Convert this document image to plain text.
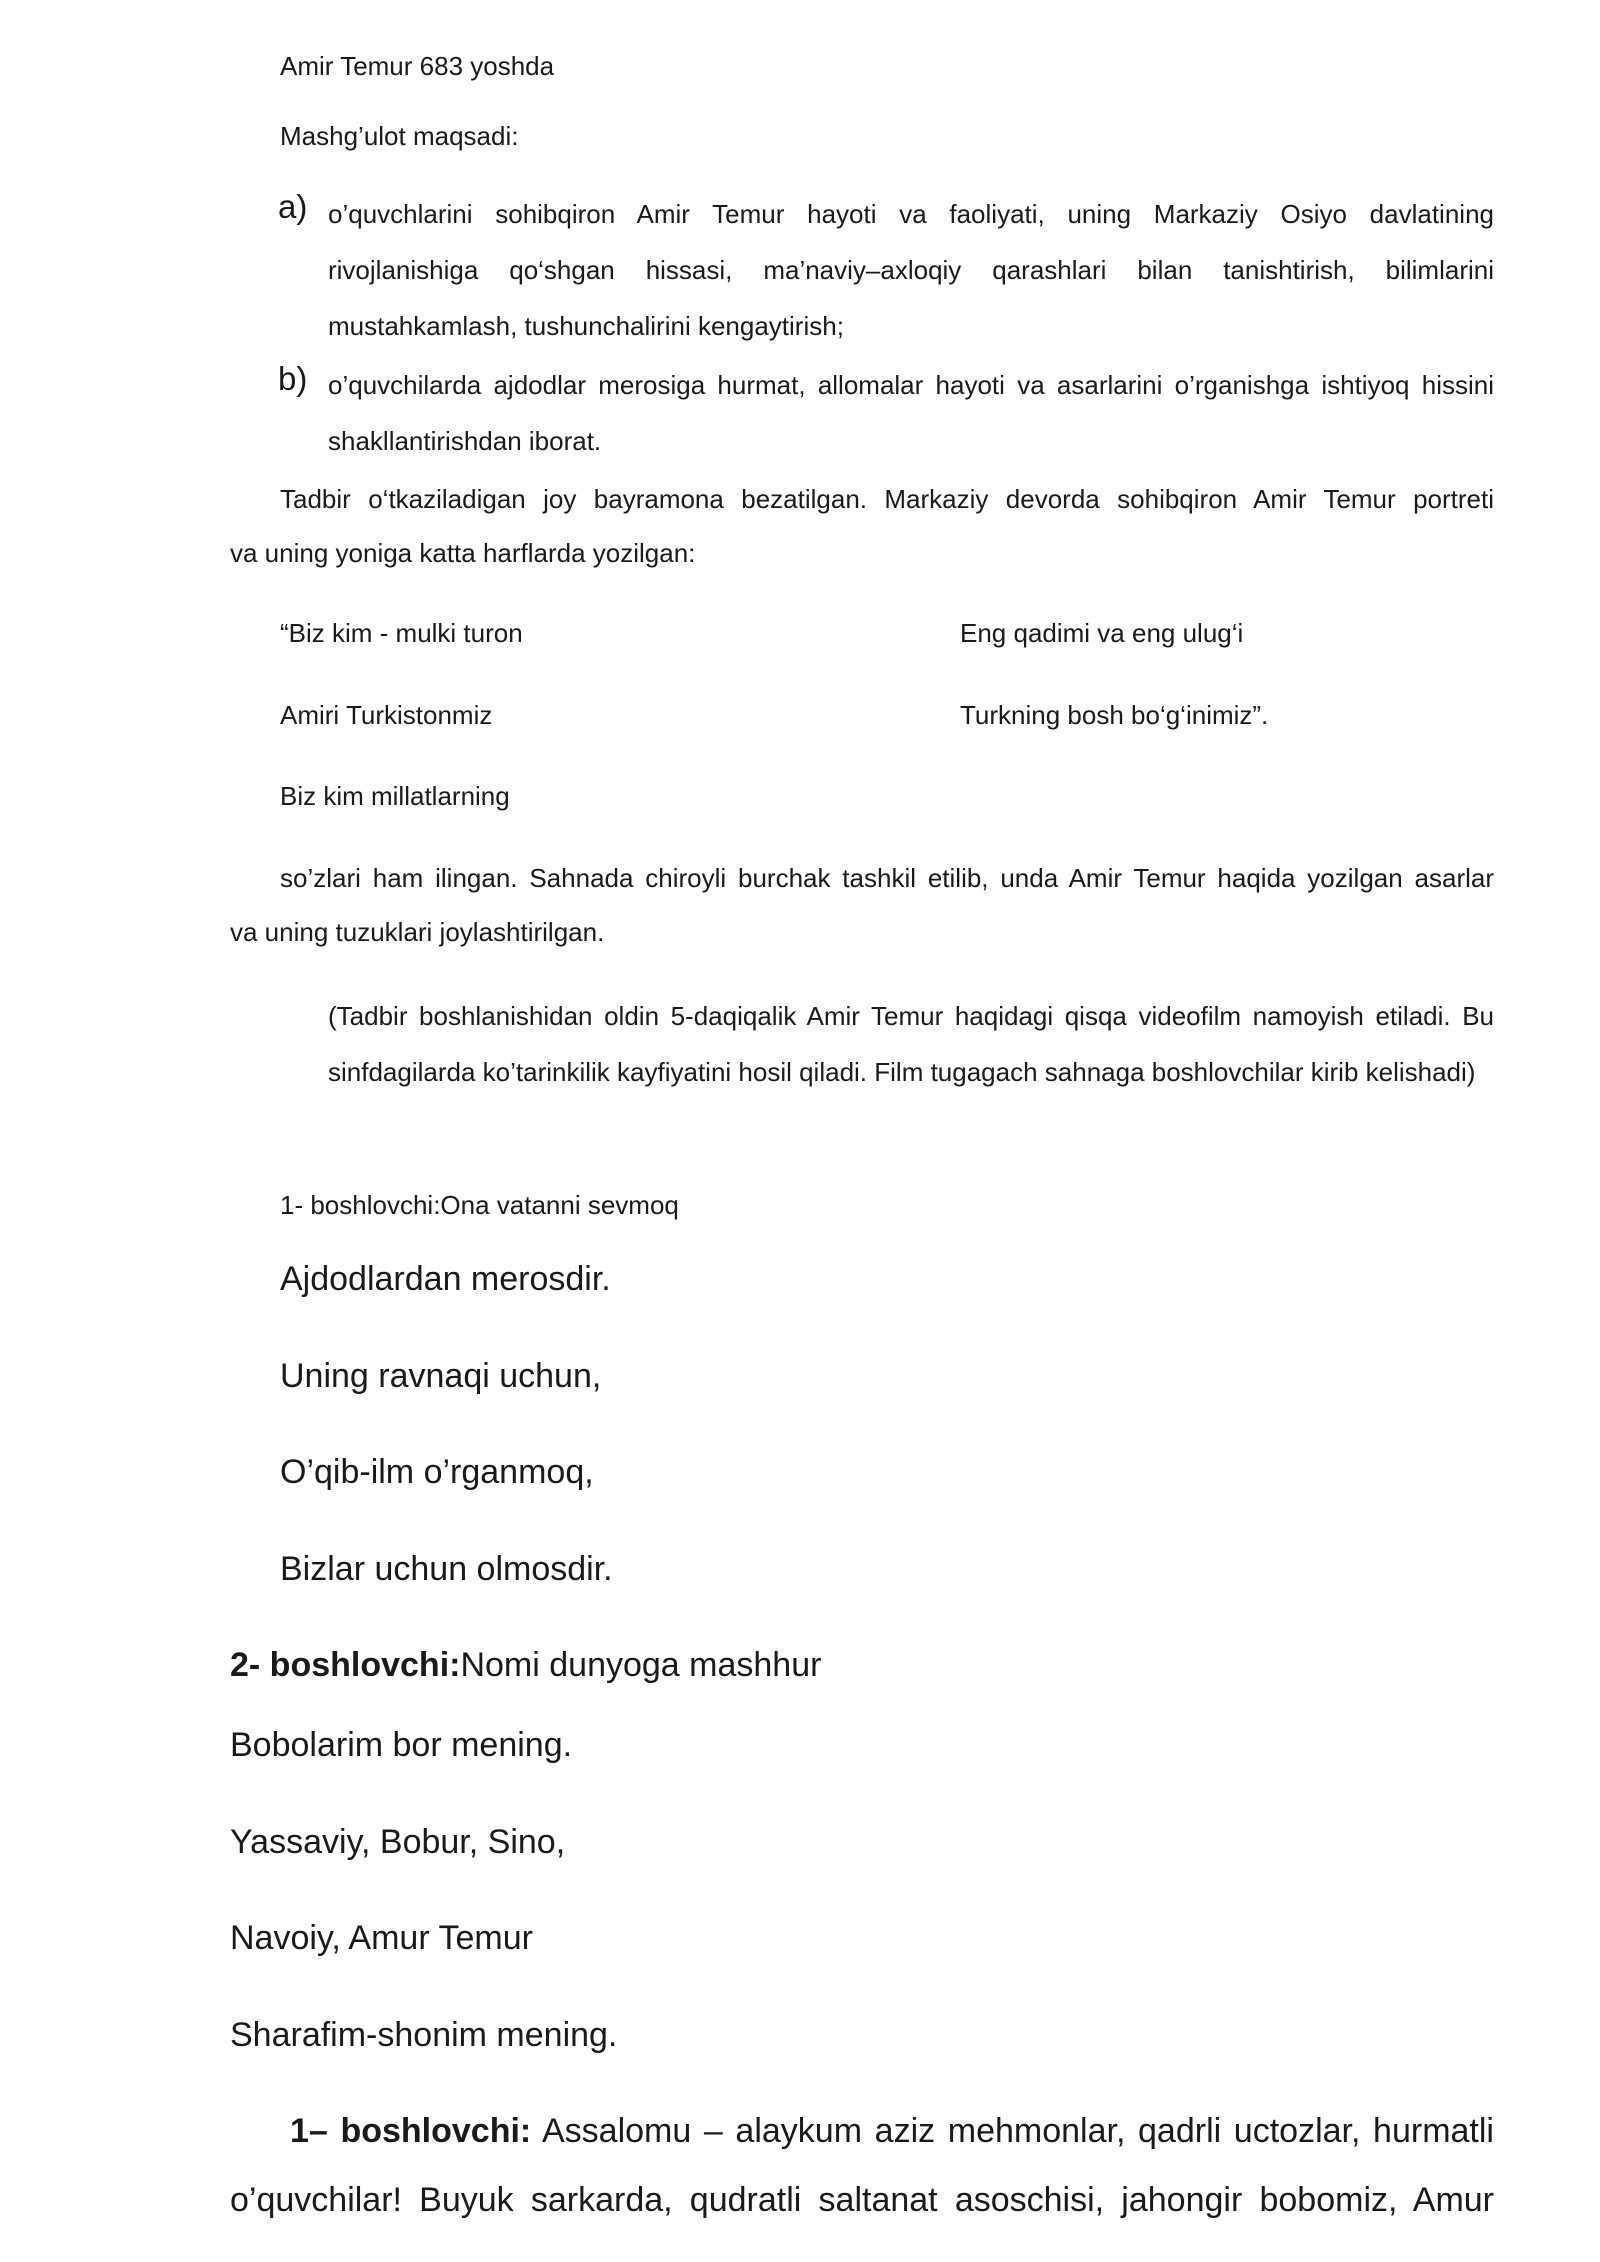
Amir Temur 683 yoshda

Mashg’ulot maqsadi:

a) o’quvchlarini sohibqiron Amir Temur hayoti va faoliyati, uning Markaziy Osiyo davlatining rivojlanishiga qo‘shgan hissasi, ma’naviy–axloqiy qarashlari bilan tanishtirish, bilimlarini mustahkamlash, tushunchalirini kengaytirish;

b) o’quvchilarda ajdodlar merosiga hurmat, allomalar hayoti va asarlarini o’rganishga ishtiyoq hissini shakllantirishdan iborat.

Tadbir o‘tkaziladigan joy bayramona bezatilgan. Markaziy devorda sohibqiron Amir Temur portreti

va uning yoniga katta harflarda yozilgan:

“Biz kim - mulki turon	Eng qadimi va eng ulug‘i

Amiri Turkistonmiz	Turkning bosh bo‘g‘inimiz”.

Biz kim millatlarning

so’zlari ham ilingan. Sahnada chiroyli burchak tashkil etilib, unda Amir Temur haqida yozilgan asarlar

va uning tuzuklari joylashtirilgan.

(Tadbir boshlanishidan oldin 5-daqiqalik Amir Temur haqidagi qisqa videofilm namoyish etiladi. Bu sinfdagilarda ko’tarinkilik kayfiyatini hosil qiladi. Film tugagach sahnaga boshlovchilar kirib kelishadi)

1- boshlovchi:Ona vatanni sevmoq

Ajdodlardan merosdir.

Uning ravnaqi uchun,

O’qib-ilm o’rganmoq,

Bizlar uchun olmosdir.

2- boshlovchi:Nomi dunyoga mashhur

Bobolarim bor mening.

Yassaviy, Bobur, Sino,

Navoiy, Amur Temur

Sharafim-shonim mening.

1– boshlovchi: Assalomu – alaykum aziz mehmonlar, qadrli uctozlar, hurmatli

o’quvchilar! Buyuk sarkarda, qudratli saltanat asoschisi, jahongir bobomiz, Amur
